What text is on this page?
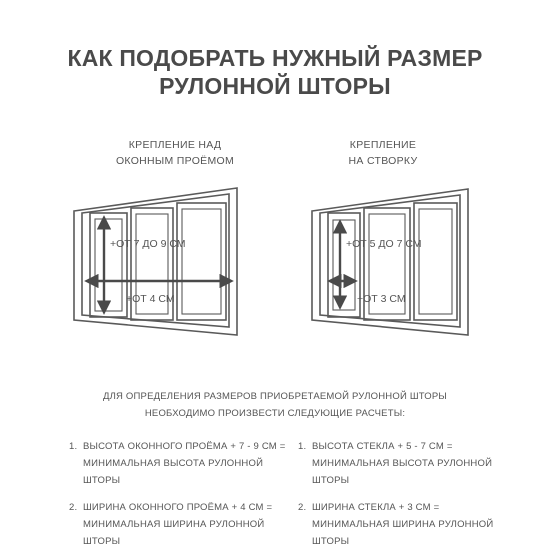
КАК ПОДОБРАТЬ НУЖНЫЙ РАЗМЕР
РУЛОННОЙ ШТОРЫ
КРЕПЛЕНИЕ НАД
ОКОННЫМ ПРОЁМОМ
КРЕПЛЕНИЕ
НА СТВОРКУ
+ОТ 7 ДО 9 СМ
+ОТ 4 СМ
+ОТ 5 ДО 7 СМ
+ОТ 3 СМ
ДЛЯ ОПРЕДЕЛЕНИЯ РАЗМЕРОВ ПРИОБРЕТАЕМОЙ РУЛОННОЙ ШТОРЫ
НЕОБХОДИМО ПРОИЗВЕСТИ СЛЕДУЮЩИЕ РАСЧЕТЫ:
1. ВЫСОТА ОКОННОГО ПРОЁМА + 7 - 9 СМ =
МИНИМАЛЬНАЯ ВЫСОТА РУЛОННОЙ ШТОРЫ
2. ШИРИНА ОКОННОГО ПРОЁМА + 4 СМ =
МИНИМАЛЬНАЯ ШИРИНА РУЛОННОЙ ШТОРЫ
1. ВЫСОТА СТЕКЛА + 5 - 7 СМ =
МИНИМАЛЬНАЯ ВЫСОТА РУЛОННОЙ ШТОРЫ
2. ШИРИНА СТЕКЛА + 3 СМ =
МИНИМАЛЬНАЯ ШИРИНА РУЛОННОЙ ШТОРЫ
